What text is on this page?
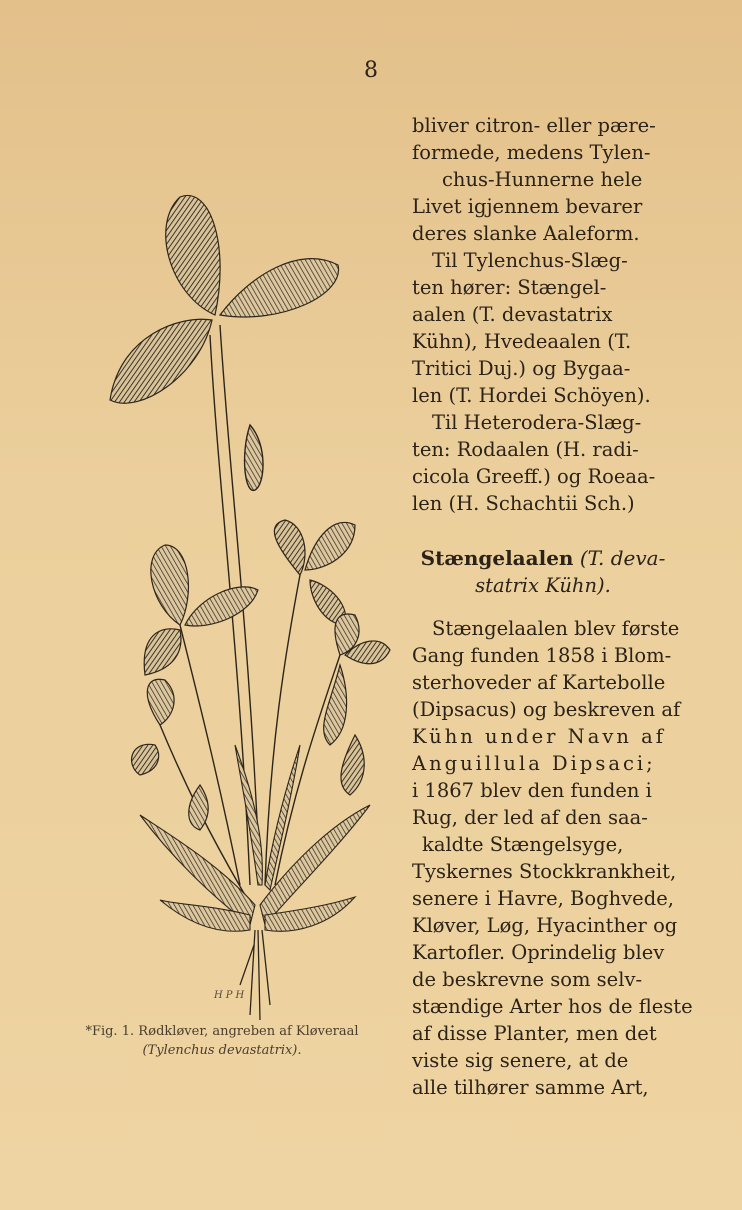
8
HPH
*Fig. 1. Rødkløver, angreben af Kløveraal
(Tylenchus devastatrix).

bliver citron- eller pære-
formede, medens Tylen-
chus-Hunnerne hele
Livet igjennem bevarer
deres slanke Aaleform.
Til Tylenchus-Slæg-
ten hører: Stængel-
aalen (T. devastatrix
Kühn), Hvedeaalen (T.
Tritici Duj.) og Bygaa-
len (T. Hordei Schöyen).
Til Heterodera-Slæg-
ten: Rodaalen (H. radi-
cicola Greeff.) og Roeaa-
len (H. Schachtii Sch.)

Stængelaalen (T. deva-

statrix Kühn).

Stængelaalen blev første
Gang funden 1858 i Blom-
sterhoveder af Kartebolle
(Dipsacus) og beskreven af
Kühn under Navn af
Anguillula Dipsaci;
i 1867 blev den funden i
Rug, der led af den saa-
kaldte Stængelsyge,
Tyskernes Stockkrankheit,
senere i Havre, Boghvede,
Kløver, Løg, Hyacinther og
Kartofler. Oprindelig blev
de beskrevne som selv-
stændige Arter hos de fleste
af disse Planter, men det
viste sig senere, at de
alle tilhører samme Art,
